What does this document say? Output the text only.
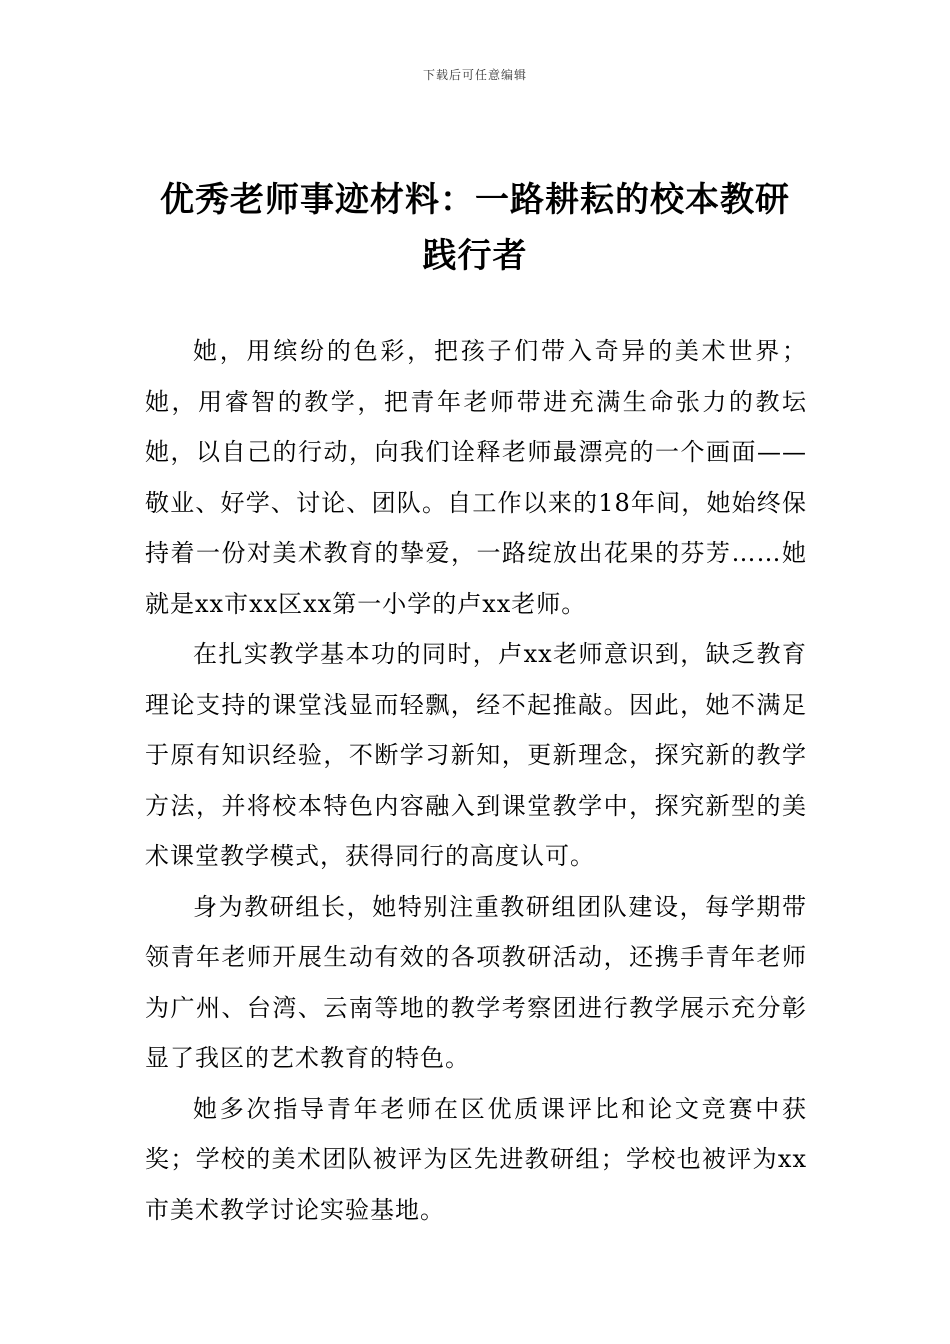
下载后可任意编辑
优秀老师事迹材料：一路耕耘的校本教研践行者

她，用缤纷的色彩，把孩子们带入奇异的美术世界；她，用睿智的教学，把青年老师带进充满生命张力的教坛她，以自己的行动，向我们诠释老师最漂亮的一个画面——敬业、好学、讨论、团队。自工作以来的18年间，她始终保持着一份对美术教育的挚爱，一路绽放出花果的芬芳……她就是xx市xx区xx第一小学的卢xx老师。

在扎实教学基本功的同时，卢xx老师意识到，缺乏教育理论支持的课堂浅显而轻飘，经不起推敲。因此，她不满足于原有知识经验，不断学习新知，更新理念，探究新的教学方法，并将校本特色内容融入到课堂教学中，探究新型的美术课堂教学模式，获得同行的高度认可。

身为教研组长，她特别注重教研组团队建设，每学期带领青年老师开展生动有效的各项教研活动，还携手青年老师为广州、台湾、云南等地的教学考察团进行教学展示充分彰显了我区的艺术教育的特色。

她多次指导青年老师在区优质课评比和论文竞赛中获奖；学校的美术团队被评为区先进教研组；学校也被评为xx市美术教学讨论实验基地。
